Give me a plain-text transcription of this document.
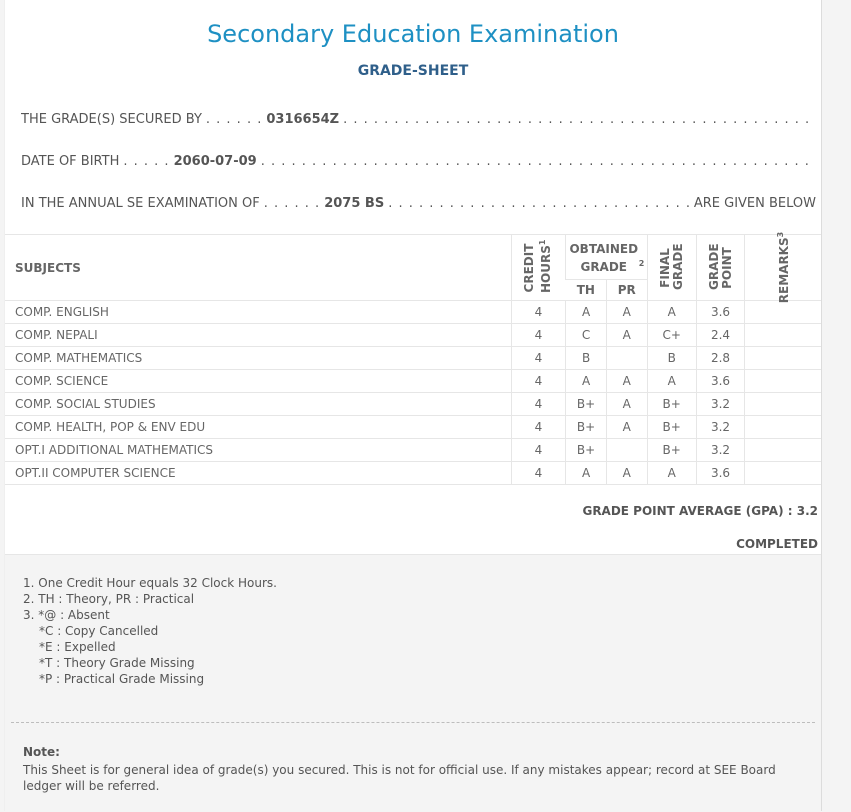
Secondary Education Examination
GRADE-SHEET
THE GRADE(S) SECURED BY . . . . . . 0316654Z
. . .
DATE OF BIRTH . . . . . 2060-07-09
. . .
IN THE ANNUAL SE EXAMINATION OF . . . . . . 2075 BS . . .	ARE GIVEN BELOW
SUBJECTS	CREDIT HOURS$^1$	OBTAINED GRADE $^2$		FINAL GRADE	GRADE POINT	REMARKS$^3$

		TH	PR			
COMP. ENGLISH	4	A	A	A	3.6	
COMP. NEPALI	4	C	A	C+	2.4	
COMP. MATHEMATICS	4	B		B	2.8	
COMP. SCIENCE	4	A	A	A	3.6	
COMP. SOCIAL STUDIES	4	B+	A	B+	3.2	
COMP. HEALTH, POP & ENV EDU	4	B+	A	B+	3.2	
OPT.I ADDITIONAL MATHEMATICS	4	B+		B+	3.2	
OPT.II COMPUTER SCIENCE	4	A	A	A	3.6	
GRADE POINT AVERAGE (GPA) : 3.2
COMPLETED
1. One Credit Hour equals 32 Clock Hours.
2. TH : Theory, PR : Practical
3. *@ : Absent
*C : Copy Cancelled
*E : Expelled
*T : Theory Grade Missing
*P : Practical Grade Missing
Note:
This Sheet is for general idea of grade(s) you secured. This is not for official use. If any mistakes appear; record at SEE Board ledger will be referred.
